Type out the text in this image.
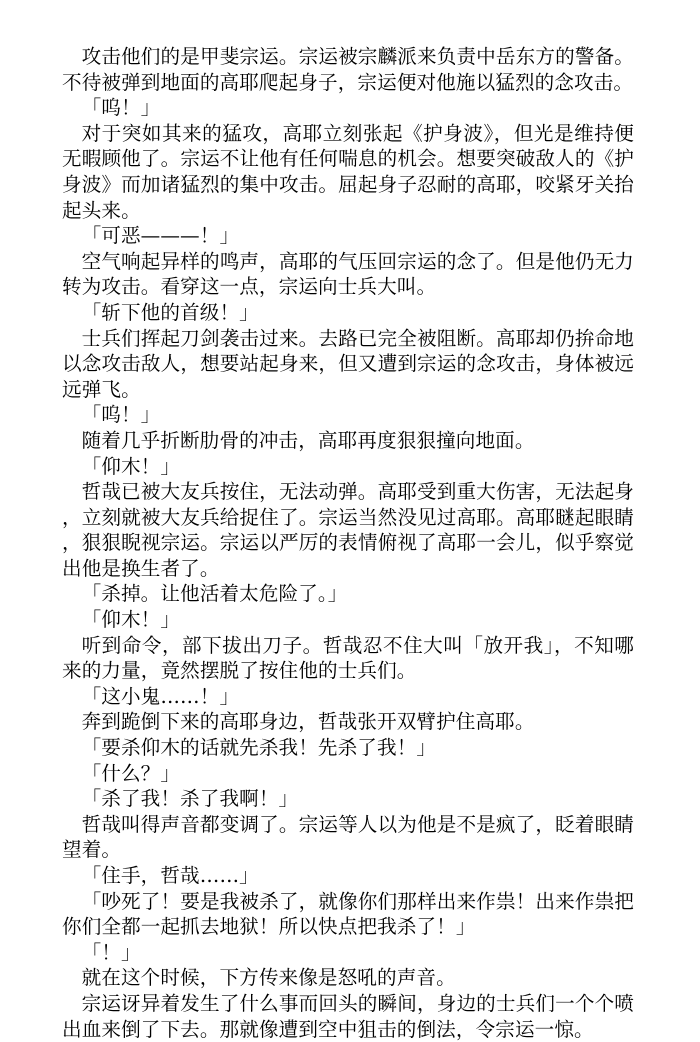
攻击他们的是甲斐宗运。宗运被宗麟派来负责中岳东方的警备。不待被弹到地面的高耶爬起身子，宗运便对他施以猛烈的念攻击。

「呜！」

对于突如其来的猛攻，高耶立刻张起《护身波》，但光是维持便无暇顾他了。宗运不让他有任何喘息的机会。想要突破敌人的《护身波》而加诸猛烈的集中攻击。屈起身子忍耐的高耶，咬紧牙关抬起头来。

「可恶———！」

空气响起异样的鸣声，高耶的气压回宗运的念了。但是他仍无力转为攻击。看穿这一点，宗运向士兵大叫。

「斩下他的首级！」

士兵们挥起刀剑袭击过来。去路已完全被阻断。高耶却仍拚命地以念攻击敌人，想要站起身来，但又遭到宗运的念攻击，身体被远远弹飞。

「呜！」

随着几乎折断肋骨的冲击，高耶再度狠狠撞向地面。

「仰木！」

哲哉已被大友兵按住，无法动弹。高耶受到重大伤害，无法起身，立刻就被大友兵给捉住了。宗运当然没见过高耶。高耶瞇起眼睛，狠狠睨视宗运。宗运以严厉的表情俯视了高耶一会儿，似乎察觉出他是换生者了。

「杀掉。让他活着太危险了。」

「仰木！」

听到命令，部下拔出刀子。哲哉忍不住大叫「放开我」，不知哪来的力量，竟然摆脱了按住他的士兵们。

「这小鬼……！」

奔到跪倒下来的高耶身边，哲哉张开双臂护住高耶。

「要杀仰木的话就先杀我！先杀了我！」

「什么？」

「杀了我！杀了我啊！」

哲哉叫得声音都变调了。宗运等人以为他是不是疯了，眨着眼睛望着。

「住手，哲哉……」

「吵死了！要是我被杀了，就像你们那样出来作祟！出来作祟把你们全都一起抓去地狱！所以快点把我杀了！」

「！」

就在这个时候，下方传来像是怒吼的声音。

宗运讶异着发生了什么事而回头的瞬间，身边的士兵们一个个喷出血来倒了下去。那就像遭到空中狙击的倒法，令宗运一惊。
